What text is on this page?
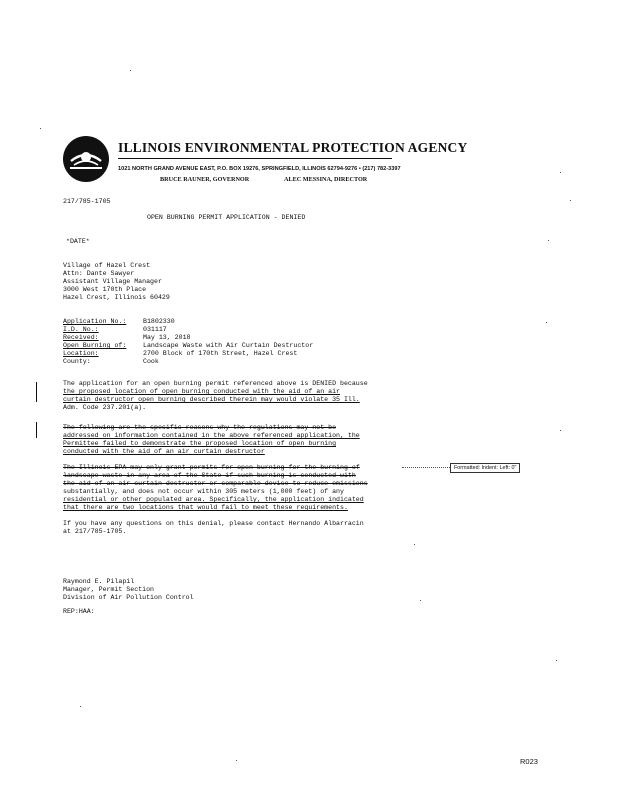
ILLINOIS ENVIRONMENTAL PROTECTION AGENCY
1021 NORTH GRAND AVENUE EAST, P.O. BOX 19276, SPRINGFIELD, ILLINOIS 62794-9276 • (217) 782-3397
BRUCE RAUNER, GOVERNOR	ALEC MESSINA, DIRECTOR
217/785-1705
OPEN BURNING PERMIT APPLICATION - DENIED
*DATE*
Village of Hazel Crest
Attn: Dante Sawyer
Assistant Village Manager
3000 West 170th Place
Hazel Crest, Illinois 60429
Application No.:	B1802330
I.D. No.:	031117
Received:	May 13, 2018
Open Burning of:	Landscape Waste with Air Curtain Destructor
Location:	2700 Block of 170th Street, Hazel Crest
County:	Cook
The application for an open burning permit referenced above is DENIED because
the proposed location of open burning conducted with the aid of an air
curtain destructor open burning described therein may would violate 35 Ill.
Adm. Code 237.201(a).
The following are the specific reasons why the regulations may not be
addressed on information contained in the above referenced application, the
Permittee failed to demonstrate the proposed location of open burning
conducted with the aid of an air curtain destructor
The Illinois EPA may only grant permits for open burning for the burning of
landscape waste in any area of the State if such burning is conducted with
the aid of an air curtain destructor or comparable device to reduce emissions
substantially, and does not occur within 305 meters (1,000 feet) of any
residential or other populated area. Specifically, the application indicated
that there are two locations that would fail to meet these requirements.
If you have any questions on this denial, please contact Hernando Albarracin
at 217/785-1705.
Raymond E. Pilapil
Manager, Permit Section
Division of Air Pollution Control
REP:HAA:
Formatted: Indent: Left: 0"
R023
